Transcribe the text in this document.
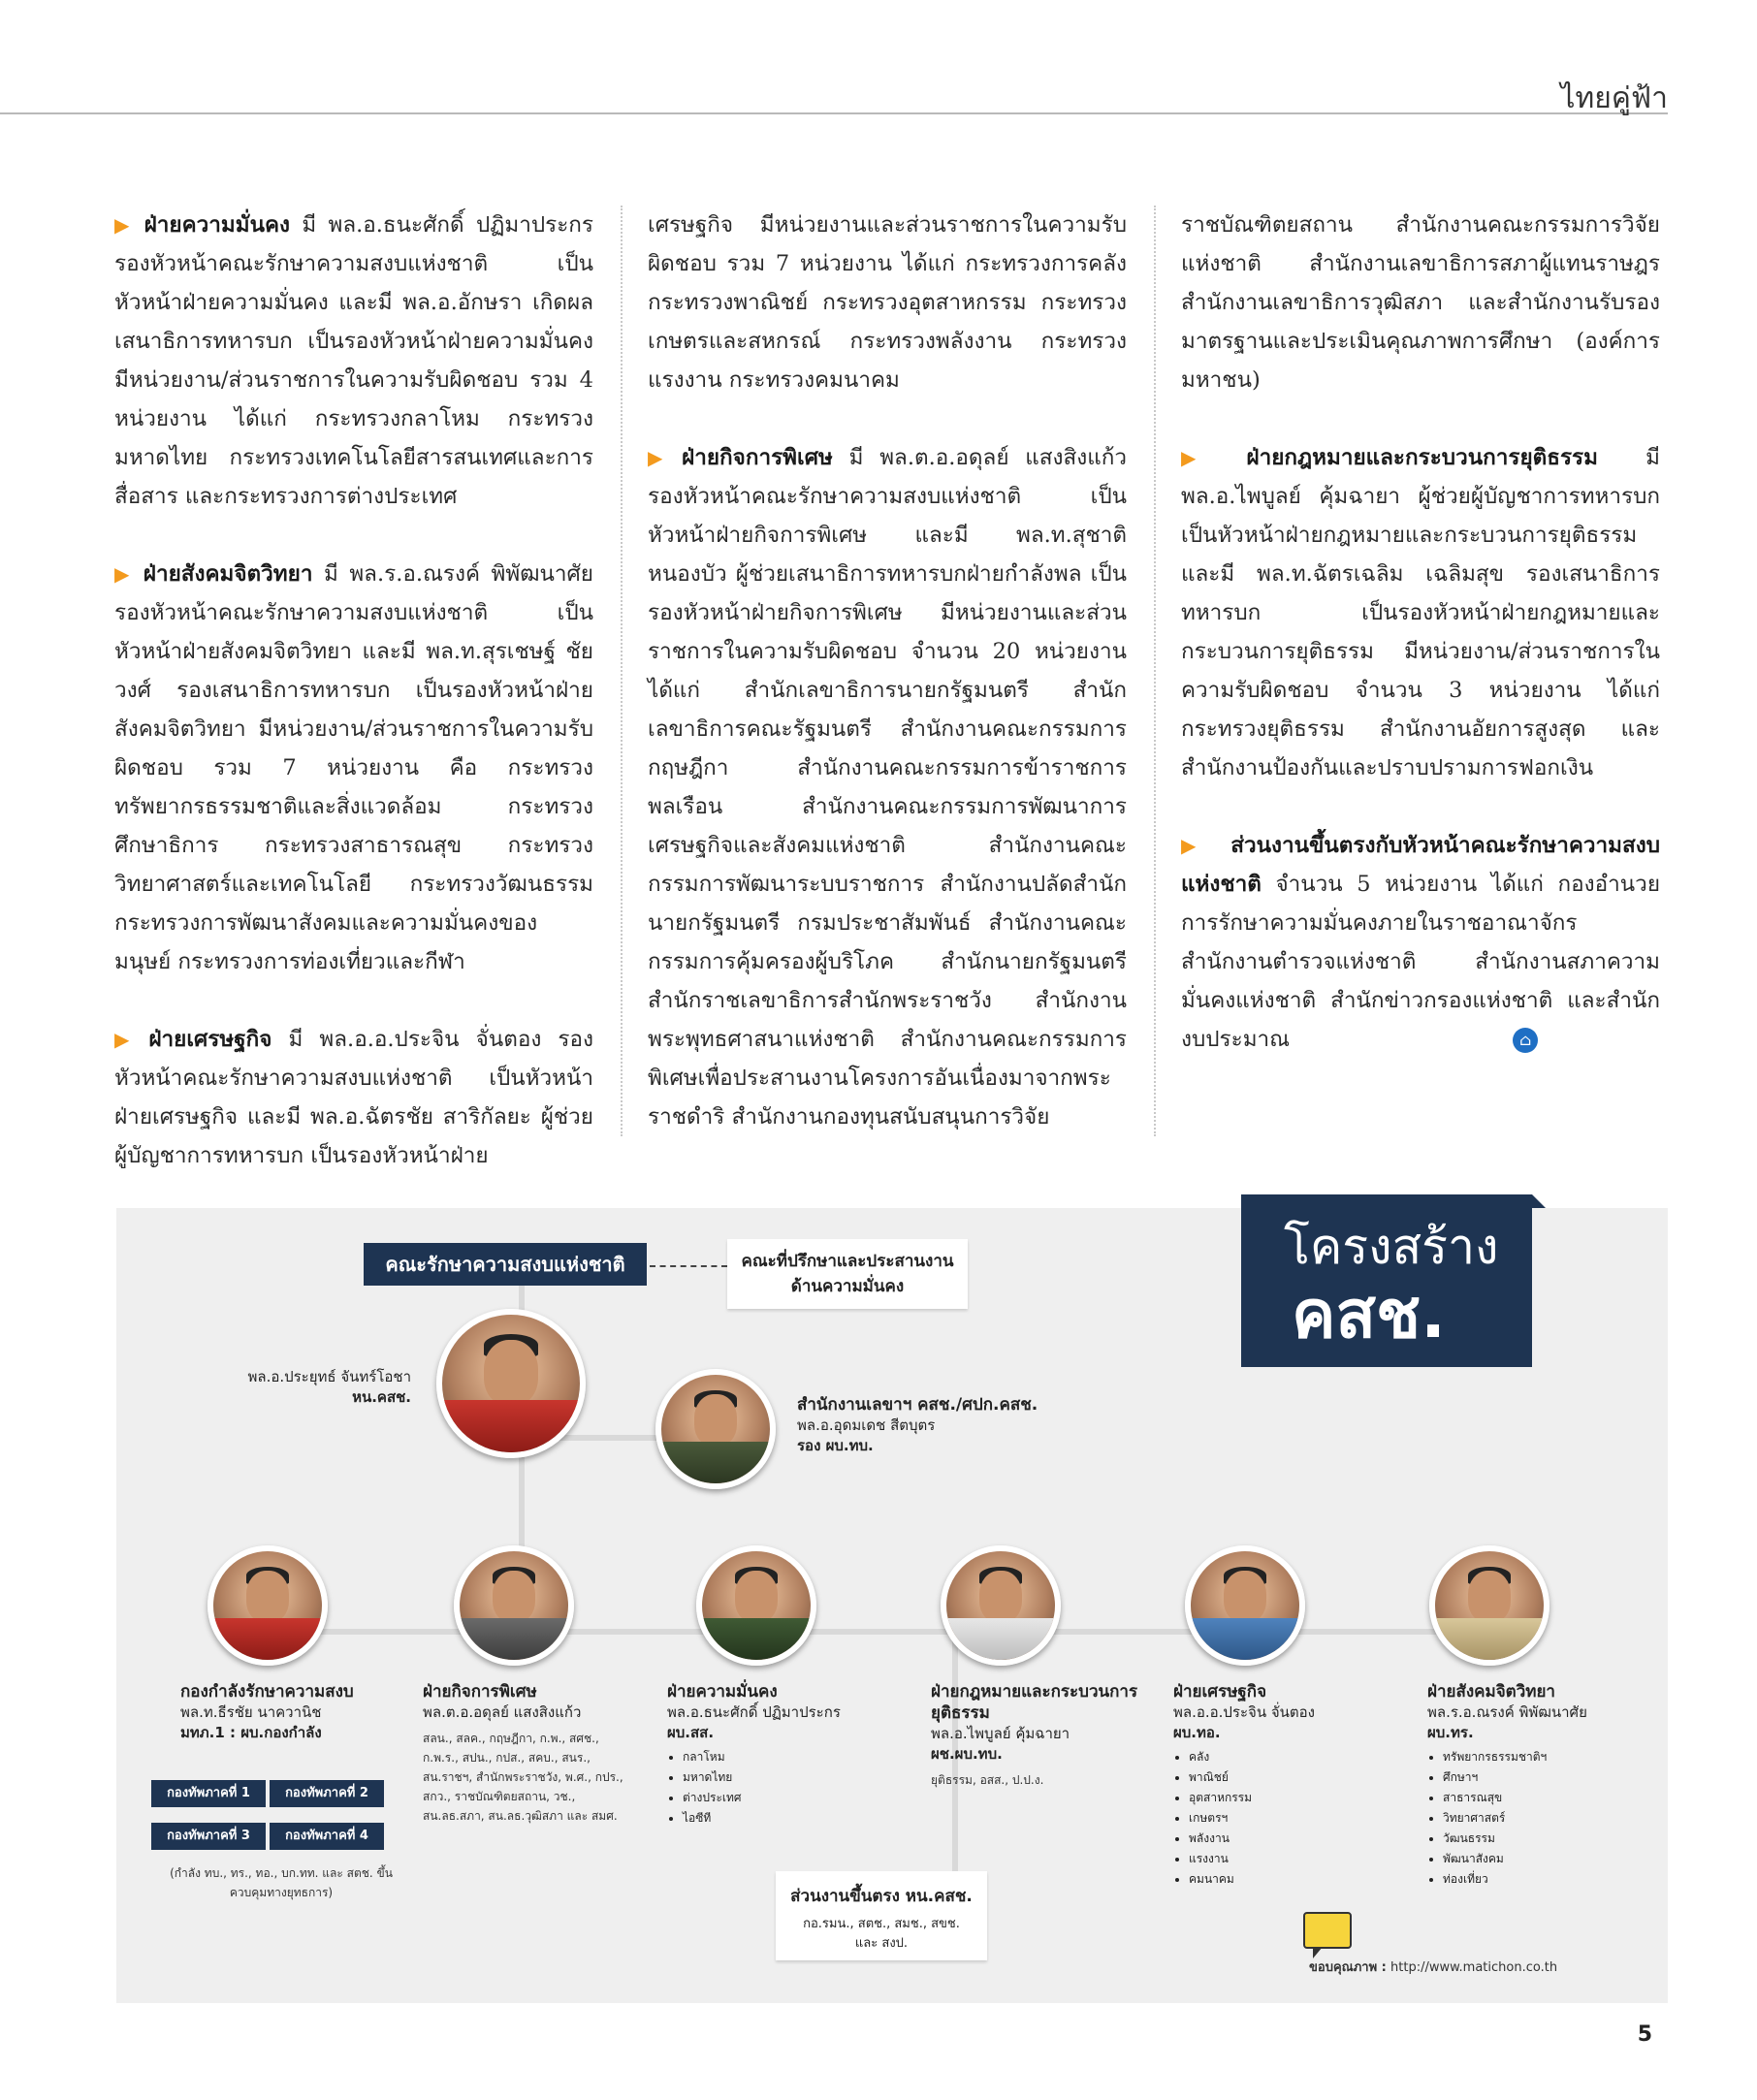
ไทยคู่ฟ้า

▶ ฝ่ายความมั่นคง มี พล.อ.ธนะศักดิ์ ปฏิมาประกร รองหัวหน้าคณะรักษาความสงบแห่งชาติ เป็นหัวหน้าฝ่ายความมั่นคง และมี พล.อ.อักษรา เกิดผล เสนาธิการทหารบก เป็นรองหัวหน้าฝ่ายความมั่นคง มีหน่วยงาน/ส่วนราชการในความรับผิดชอบ รวม 4 หน่วยงาน ได้แก่ กระทรวงกลาโหม กระทรวงมหาดไทย กระทรวงเทคโนโลยีสารสนเทศและการสื่อสาร และกระทรวงการต่างประเทศ

▶ ฝ่ายสังคมจิตวิทยา มี พล.ร.อ.ณรงค์ พิพัฒนาศัย รองหัวหน้าคณะรักษาความสงบแห่งชาติ เป็นหัวหน้าฝ่ายสังคมจิตวิทยา และมี พล.ท.สุรเชษฐ์ ชัยวงศ์ รองเสนาธิการทหารบก เป็นรองหัวหน้าฝ่ายสังคมจิตวิทยา มีหน่วยงาน/ส่วนราชการในความรับผิดชอบ รวม 7 หน่วยงาน คือ กระทรวงทรัพยากรธรรมชาติและสิ่งแวดล้อม กระทรวงศึกษาธิการ กระทรวงสาธารณสุข กระทรวงวิทยาศาสตร์และเทคโนโลยี กระทรวงวัฒนธรรม กระทรวงการพัฒนาสังคมและความมั่นคงของมนุษย์ กระทรวงการท่องเที่ยวและกีฬา

▶ ฝ่ายเศรษฐกิจ มี พล.อ.อ.ประจิน จั่นตอง รองหัวหน้าคณะรักษาความสงบแห่งชาติ เป็นหัวหน้าฝ่ายเศรษฐกิจ และมี พล.อ.ฉัตรชัย สาริกัลยะ ผู้ช่วยผู้บัญชาการทหารบก เป็นรองหัวหน้าฝ่าย

เศรษฐกิจ มีหน่วยงานและส่วนราชการในความรับผิดชอบ รวม 7 หน่วยงาน ได้แก่ กระทรวงการคลัง กระทรวงพาณิชย์ กระทรวงอุตสาหกรรม กระทรวงเกษตรและสหกรณ์ กระทรวงพลังงาน กระทรวงแรงงาน กระทรวงคมนาคม

▶ ฝ่ายกิจการพิเศษ มี พล.ต.อ.อดุลย์ แสงสิงแก้ว รองหัวหน้าคณะรักษาความสงบแห่งชาติ เป็นหัวหน้าฝ่ายกิจการพิเศษ และมี พล.ท.สุชาติ หนองบัว ผู้ช่วยเสนาธิการทหารบกฝ่ายกำลังพล เป็นรองหัวหน้าฝ่ายกิจการพิเศษ มีหน่วยงานและส่วนราชการในความรับผิดชอบ จำนวน 20 หน่วยงาน ได้แก่ สำนักเลขาธิการนายกรัฐมนตรี สำนักเลขาธิการคณะรัฐมนตรี สำนักงานคณะกรรมการกฤษฎีกา สำนักงานคณะกรรมการข้าราชการพลเรือน สำนักงานคณะกรรมการพัฒนาการเศรษฐกิจและสังคมแห่งชาติ สำนักงานคณะกรรมการพัฒนาระบบราชการ สำนักงานปลัดสำนักนายกรัฐมนตรี กรมประชาสัมพันธ์ สำนักงานคณะกรรมการคุ้มครองผู้บริโภค สำนักนายกรัฐมนตรี สำนักราชเลขาธิการสำนักพระราชวัง สำนักงานพระพุทธศาสนาแห่งชาติ สำนักงานคณะกรรมการพิเศษเพื่อประสานงานโครงการอันเนื่องมาจากพระราชดำริ สำนักงานกองทุนสนับสนุนการวิจัย

ราชบัณฑิตยสถาน สำนักงานคณะกรรมการวิจัยแห่งชาติ สำนักงานเลขาธิการสภาผู้แทนราษฎร สำนักงานเลขาธิการวุฒิสภา และสำนักงานรับรองมาตรฐานและประเมินคุณภาพการศึกษา (องค์การมหาชน)

▶ ฝ่ายกฎหมายและกระบวนการยุติธรรม มี พล.อ.ไพบูลย์ คุ้มฉายา ผู้ช่วยผู้บัญชาการทหารบก เป็นหัวหน้าฝ่ายกฎหมายและกระบวนการยุติธรรม และมี พล.ท.ฉัตรเฉลิม เฉลิมสุข รองเสนาธิการทหารบก เป็นรองหัวหน้าฝ่ายกฎหมายและกระบวนการยุติธรรม มีหน่วยงาน/ส่วนราชการในความรับผิดชอบ จำนวน 3 หน่วยงาน ได้แก่ กระทรวงยุติธรรม สำนักงานอัยการสูงสุด และสำนักงานป้องกันและปราบปรามการฟอกเงิน

▶ ส่วนงานขึ้นตรงกับหัวหน้าคณะรักษาความสงบแห่งชาติ จำนวน 5 หน่วยงาน ได้แก่ กองอำนวยการรักษาความมั่นคงภายในราชอาณาจักร สำนักงานตำรวจแห่งชาติ สำนักงานสภาความมั่นคงแห่งชาติ สำนักข่าวกรองแห่งชาติ และสำนักงบประมาณ	⌂

โครงสร้าง
คสช.
คณะรักษาความสงบแห่งชาติ	คณะที่ปรึกษาและประสานงาน ด้านความมั่นคง
พล.อ.ประยุทธ์ จันทร์โอชา
หน.คสช.	สำนักงานเลขาฯ คสช./ศปก.คสช.
พล.อ.อุดมเดช สีตบุตร
รอง ผบ.ทบ.
กองกำลังรักษาความสงบ
พล.ท.ธีรชัย นาควานิช
มทภ.1 : ผบ.กองกำลัง
กองทัพภาคที่ 1	กองทัพภาคที่ 2
กองทัพภาคที่ 3	กองทัพภาคที่ 4
(กำลัง ทบ., ทร., ทอ., บก.ทท. และ สตช. ขึ้นควบคุมทางยุทธการ)
ฝ่ายกิจการพิเศษ
พล.ต.อ.อดุลย์ แสงสิงแก้ว
สลน., สลค., กฤษฎีกา, ก.พ., สศช., ก.พ.ร., สปน., กปส., สคบ., สนร., สน.ราชฯ, สำนักพระราชวัง, พ.ศ., กปร., สกว., ราชบัณฑิตยสถาน, วช., สน.ลธ.สภา, สน.ลธ.วุฒิสภา และ สมศ.
ฝ่ายความมั่นคง
พล.อ.ธนะศักดิ์ ปฏิมาประกร
ผบ.สส.
• กลาโหม
• มหาดไทย
• ต่างประเทศ
• ไอซีที
ฝ่ายกฎหมายและกระบวนการยุติธรรม
พล.อ.ไพบูลย์ คุ้มฉายา
ผช.ผบ.ทบ.
ยุติธรรม, อสส., ป.ป.ง.
ฝ่ายเศรษฐกิจ
พล.อ.อ.ประจิน จั่นตอง
ผบ.ทอ.
• คลัง
• พาณิชย์
• อุตสาหกรรม
• เกษตรฯ
• พลังงาน
• แรงงาน
• คมนาคม
ฝ่ายสังคมจิตวิทยา
พล.ร.อ.ณรงค์ พิพัฒนาศัย
ผบ.ทร.
• ทรัพยากรธรรมชาติฯ
• ศึกษาฯ
• สาธารณสุข
• วิทยาศาสตร์
• วัฒนธรรม
• พัฒนาสังคม
• ท่องเที่ยว
ส่วนงานขึ้นตรง หน.คสช.
กอ.รมน., สตช., สมช., สขช. และ สงป.
ขอบคุณภาพ : http://www.matichon.co.th
5
